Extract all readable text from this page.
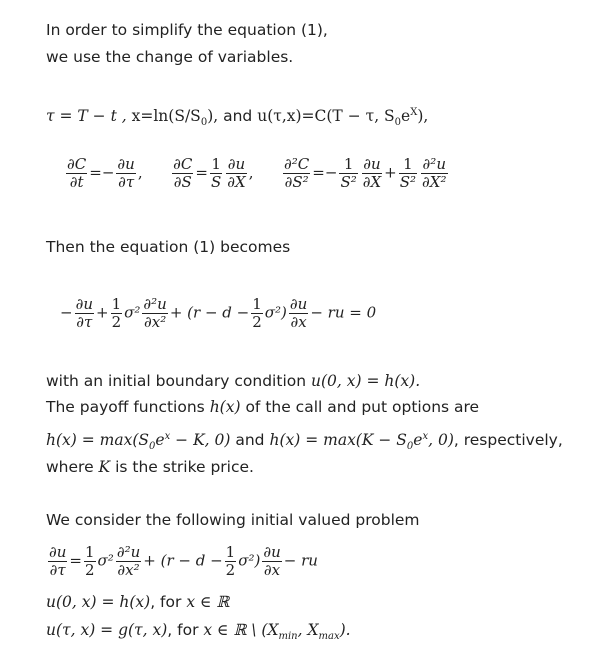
In order to simplify the equation (1),
we use the change of variables.
τ = T − t , $x=\ln(S/S_0)$, and u(τ,x)=C(T − τ, $S_0e^X$),
$\frac{\partial C}{\partial t} =- \frac{\partial u}{\partial\tau}$ , $\frac{\partial C}{\partial S} = \frac{1}{S} \frac{\partial u}{\partial X}$ , $\frac{\text{∂²C}}{\text{∂S²}} =- \frac{1}{\text{S²}} \frac{\partial u}{\partial X} + \frac{1}{\text{S²}} \frac{\text{∂²u}}{\text{∂X²}}$
Then the equation (1) becomes
− $\frac{\partial u}{\partial\tau} + \frac{1}{2} \sigma^2 \frac{\text{∂²u}}{\text{∂x²}} + (r - d - \frac{1}{2} \sigma^2) \frac{\partial u}{\partial x}$ − ru = 0
with an initial boundary condition u(0, x) = h(x).
The payoff functions h(x) of the call and put options are
$h(x) = \max(S_0e^x - K$, 0) and $h(x) = \max(K - S_0e^x$, 0), respectively,
where K is the strike price.
We consider the following initial valued problem
$\frac{\partial u}{\partial\tau} = \frac{1}{2} \sigma^2 \frac{\text{∂²u}}{\text{∂x²}} + (r - d - \frac{1}{2} \sigma^2) \frac{\partial u}{\partial x}$ − ru
u(0, x) = h(x), for x ∈ ℝ
u(τ, x) = g(τ, x), for x ∈ ℝ \ ($X_{min}$, $X_{max}$).
